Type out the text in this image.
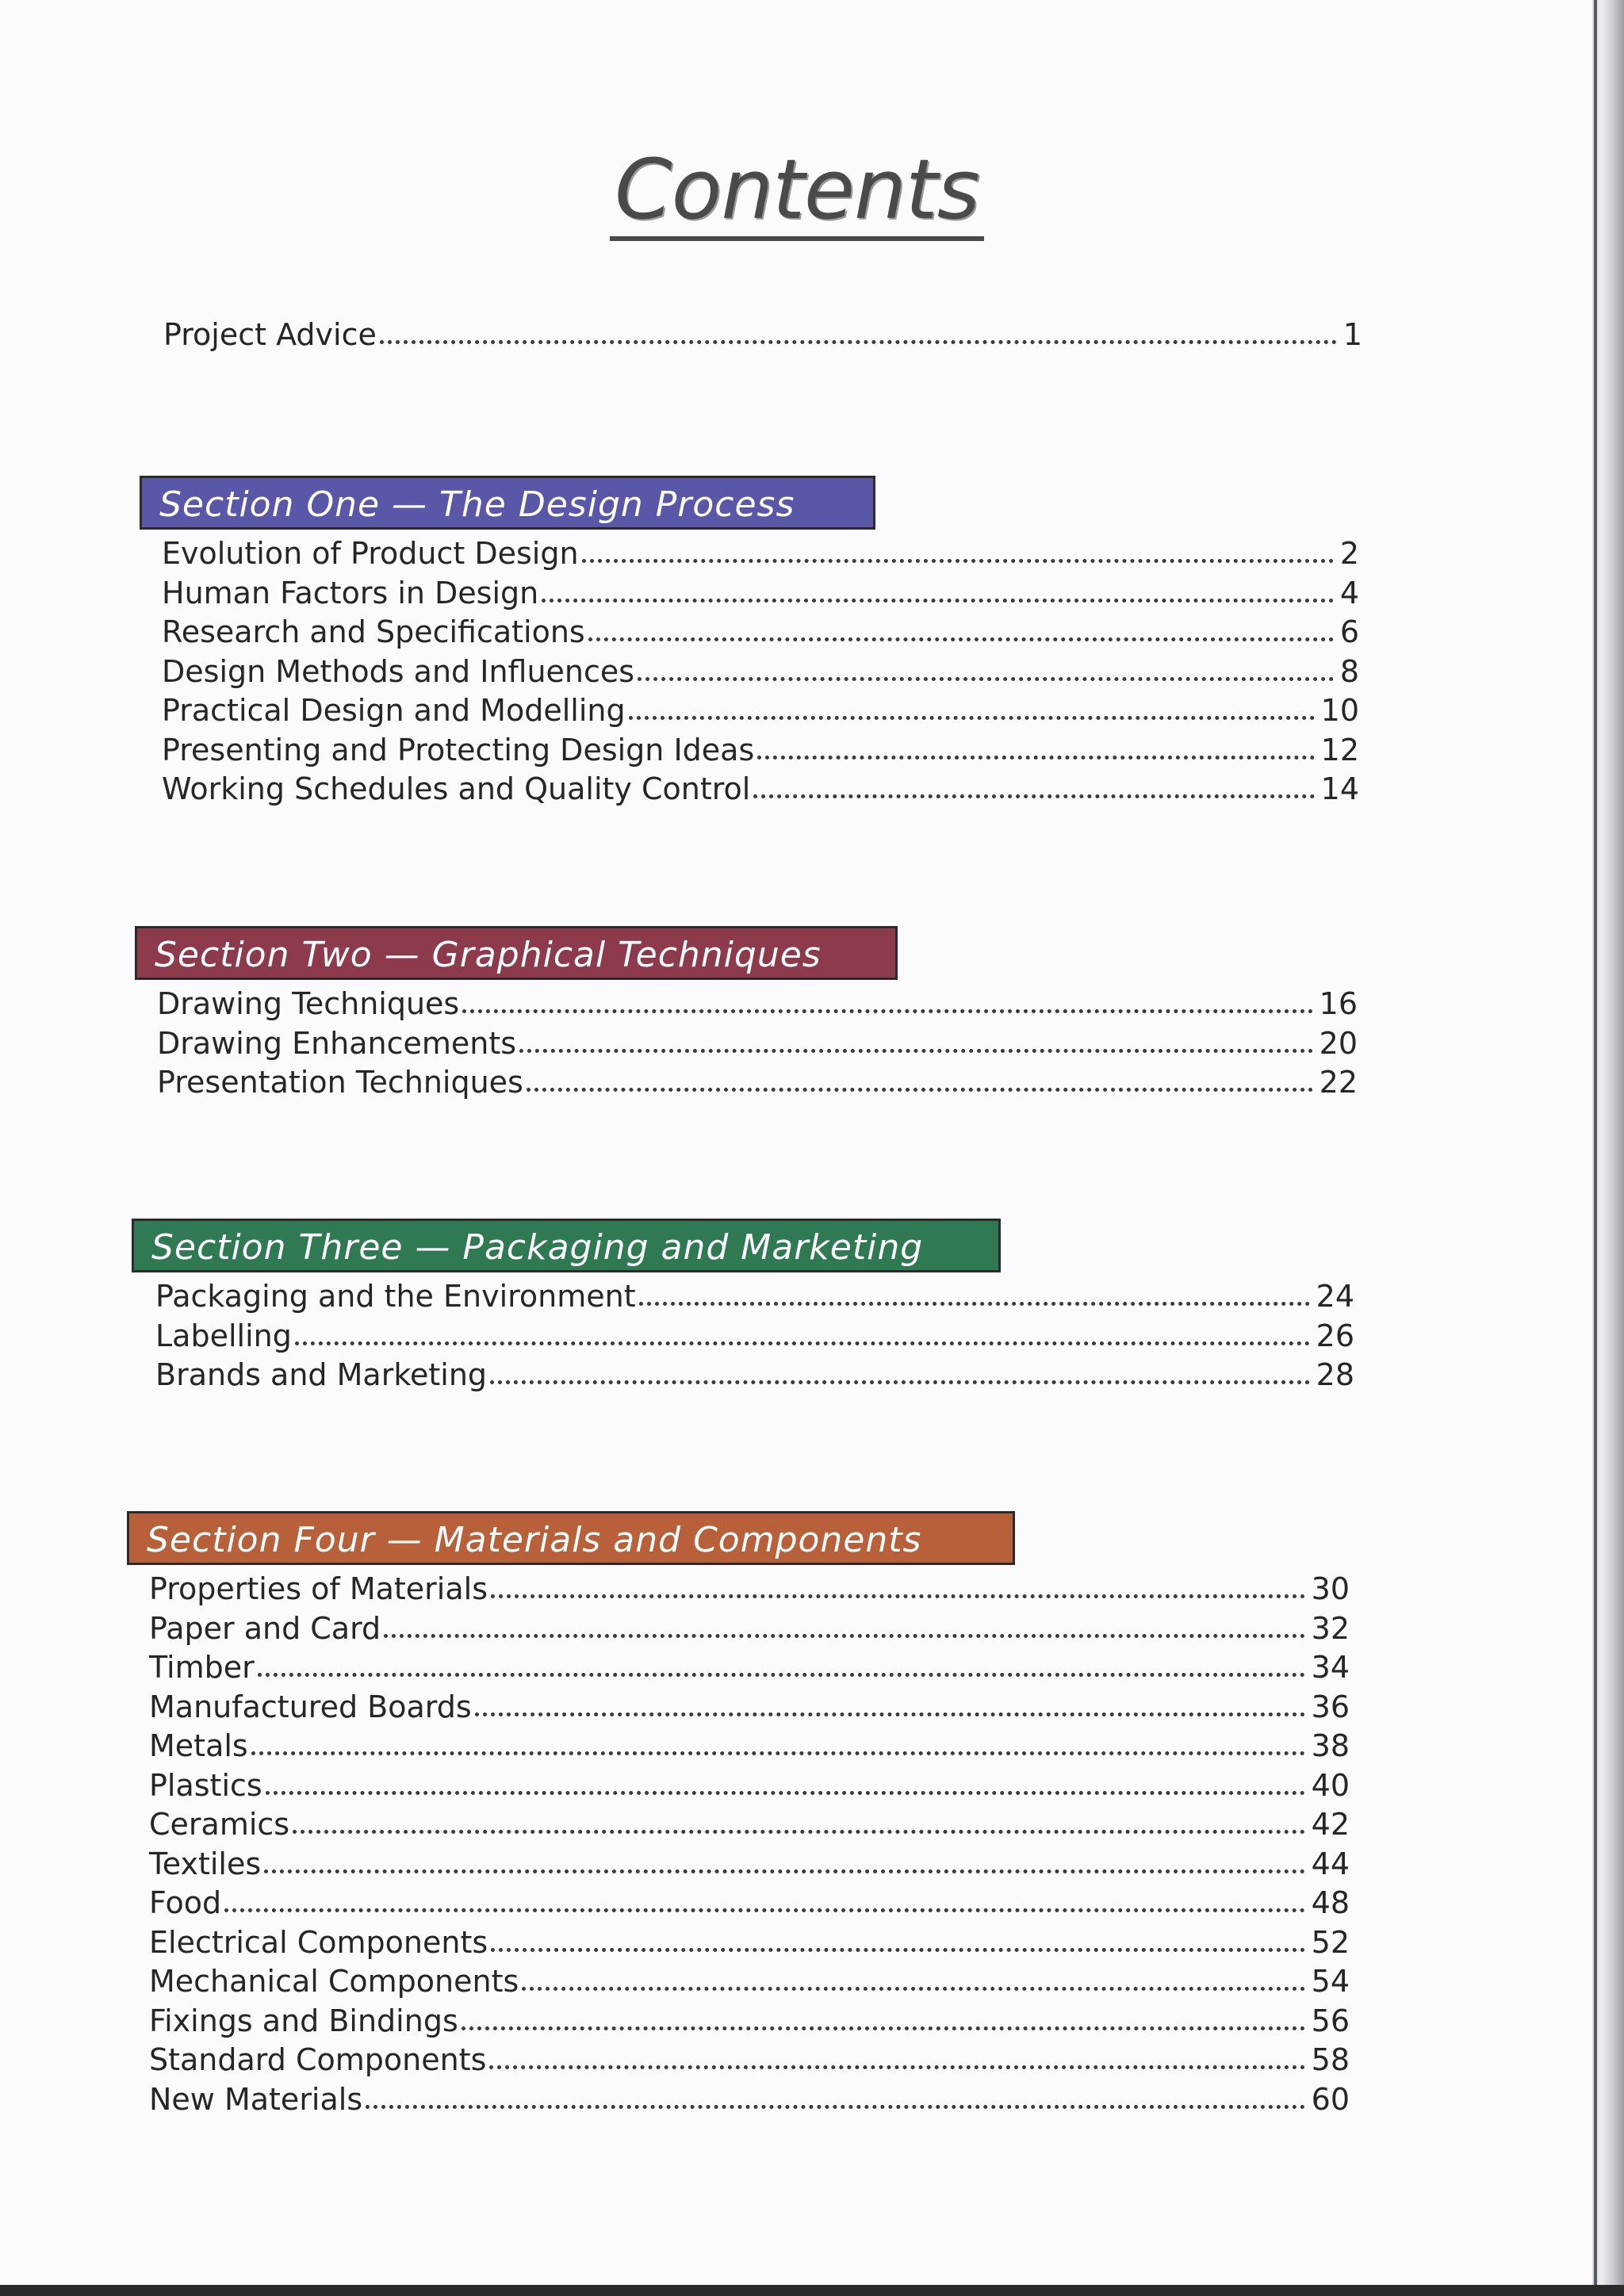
Contents
Project Advice	1
Section One — The Design Process
Evolution of Product Design	2
Human Factors in Design	4
Research and Specifications	6
Design Methods and Influences	8
Practical Design and Modelling	10
Presenting and Protecting Design Ideas	12
Working Schedules and Quality Control	14
Section Two — Graphical Techniques
Drawing Techniques	16
Drawing Enhancements	20
Presentation Techniques	22
Section Three — Packaging and Marketing
Packaging and the Environment	24
Labelling	26
Brands and Marketing	28
Section Four — Materials and Components
Properties of Materials	30
Paper and Card	32
Timber	34
Manufactured Boards	36
Metals	38
Plastics	40
Ceramics	42
Textiles	44
Food	48
Electrical Components	52
Mechanical Components	54
Fixings and Bindings	56
Standard Components	58
New Materials	60
